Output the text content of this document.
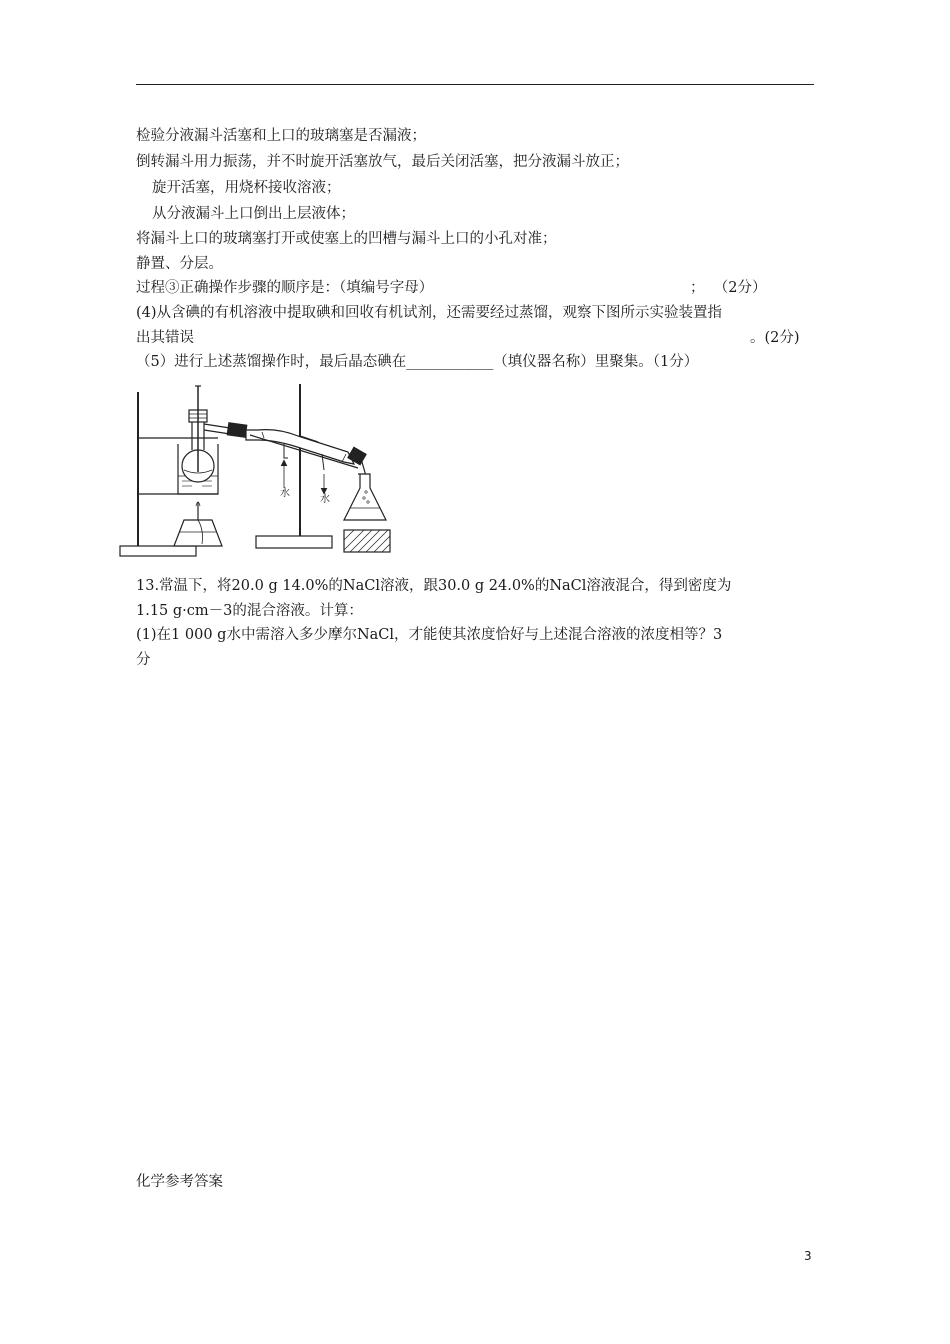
检验分液漏斗活塞和上口的玻璃塞是否漏液；
倒转漏斗用力振荡，并不时旋开活塞放气，最后关闭活塞，把分液漏斗放正；
旋开活塞，用烧杯接收溶液；
从分液漏斗上口倒出上层液体；
将漏斗上口的玻璃塞打开或使塞上的凹槽与漏斗上口的小孔对准；
静置、分层。
过程③正确操作步骤的顺序是：（填编号字母）	；  （2分）
(4)从含碘的有机溶液中提取碘和回收有机试剂，还需要经过蒸馏，观察下图所示实验装置指
出其错误	。(2分)
（5）进行上述蒸馏操作时，最后晶态碘在____________（填仪器名称）里聚集。（1分）
水
水
13.常温下，将20.0 g 14.0%的NaCl溶液，跟30.0 g 24.0%的NaCl溶液混合，得到密度为
1.15 g·cm－3的混合溶液。计算：
(1)在1 000 g水中需溶入多少摩尔NaCl，才能使其浓度恰好与上述混合溶液的浓度相等？3
分
化学参考答案
3
